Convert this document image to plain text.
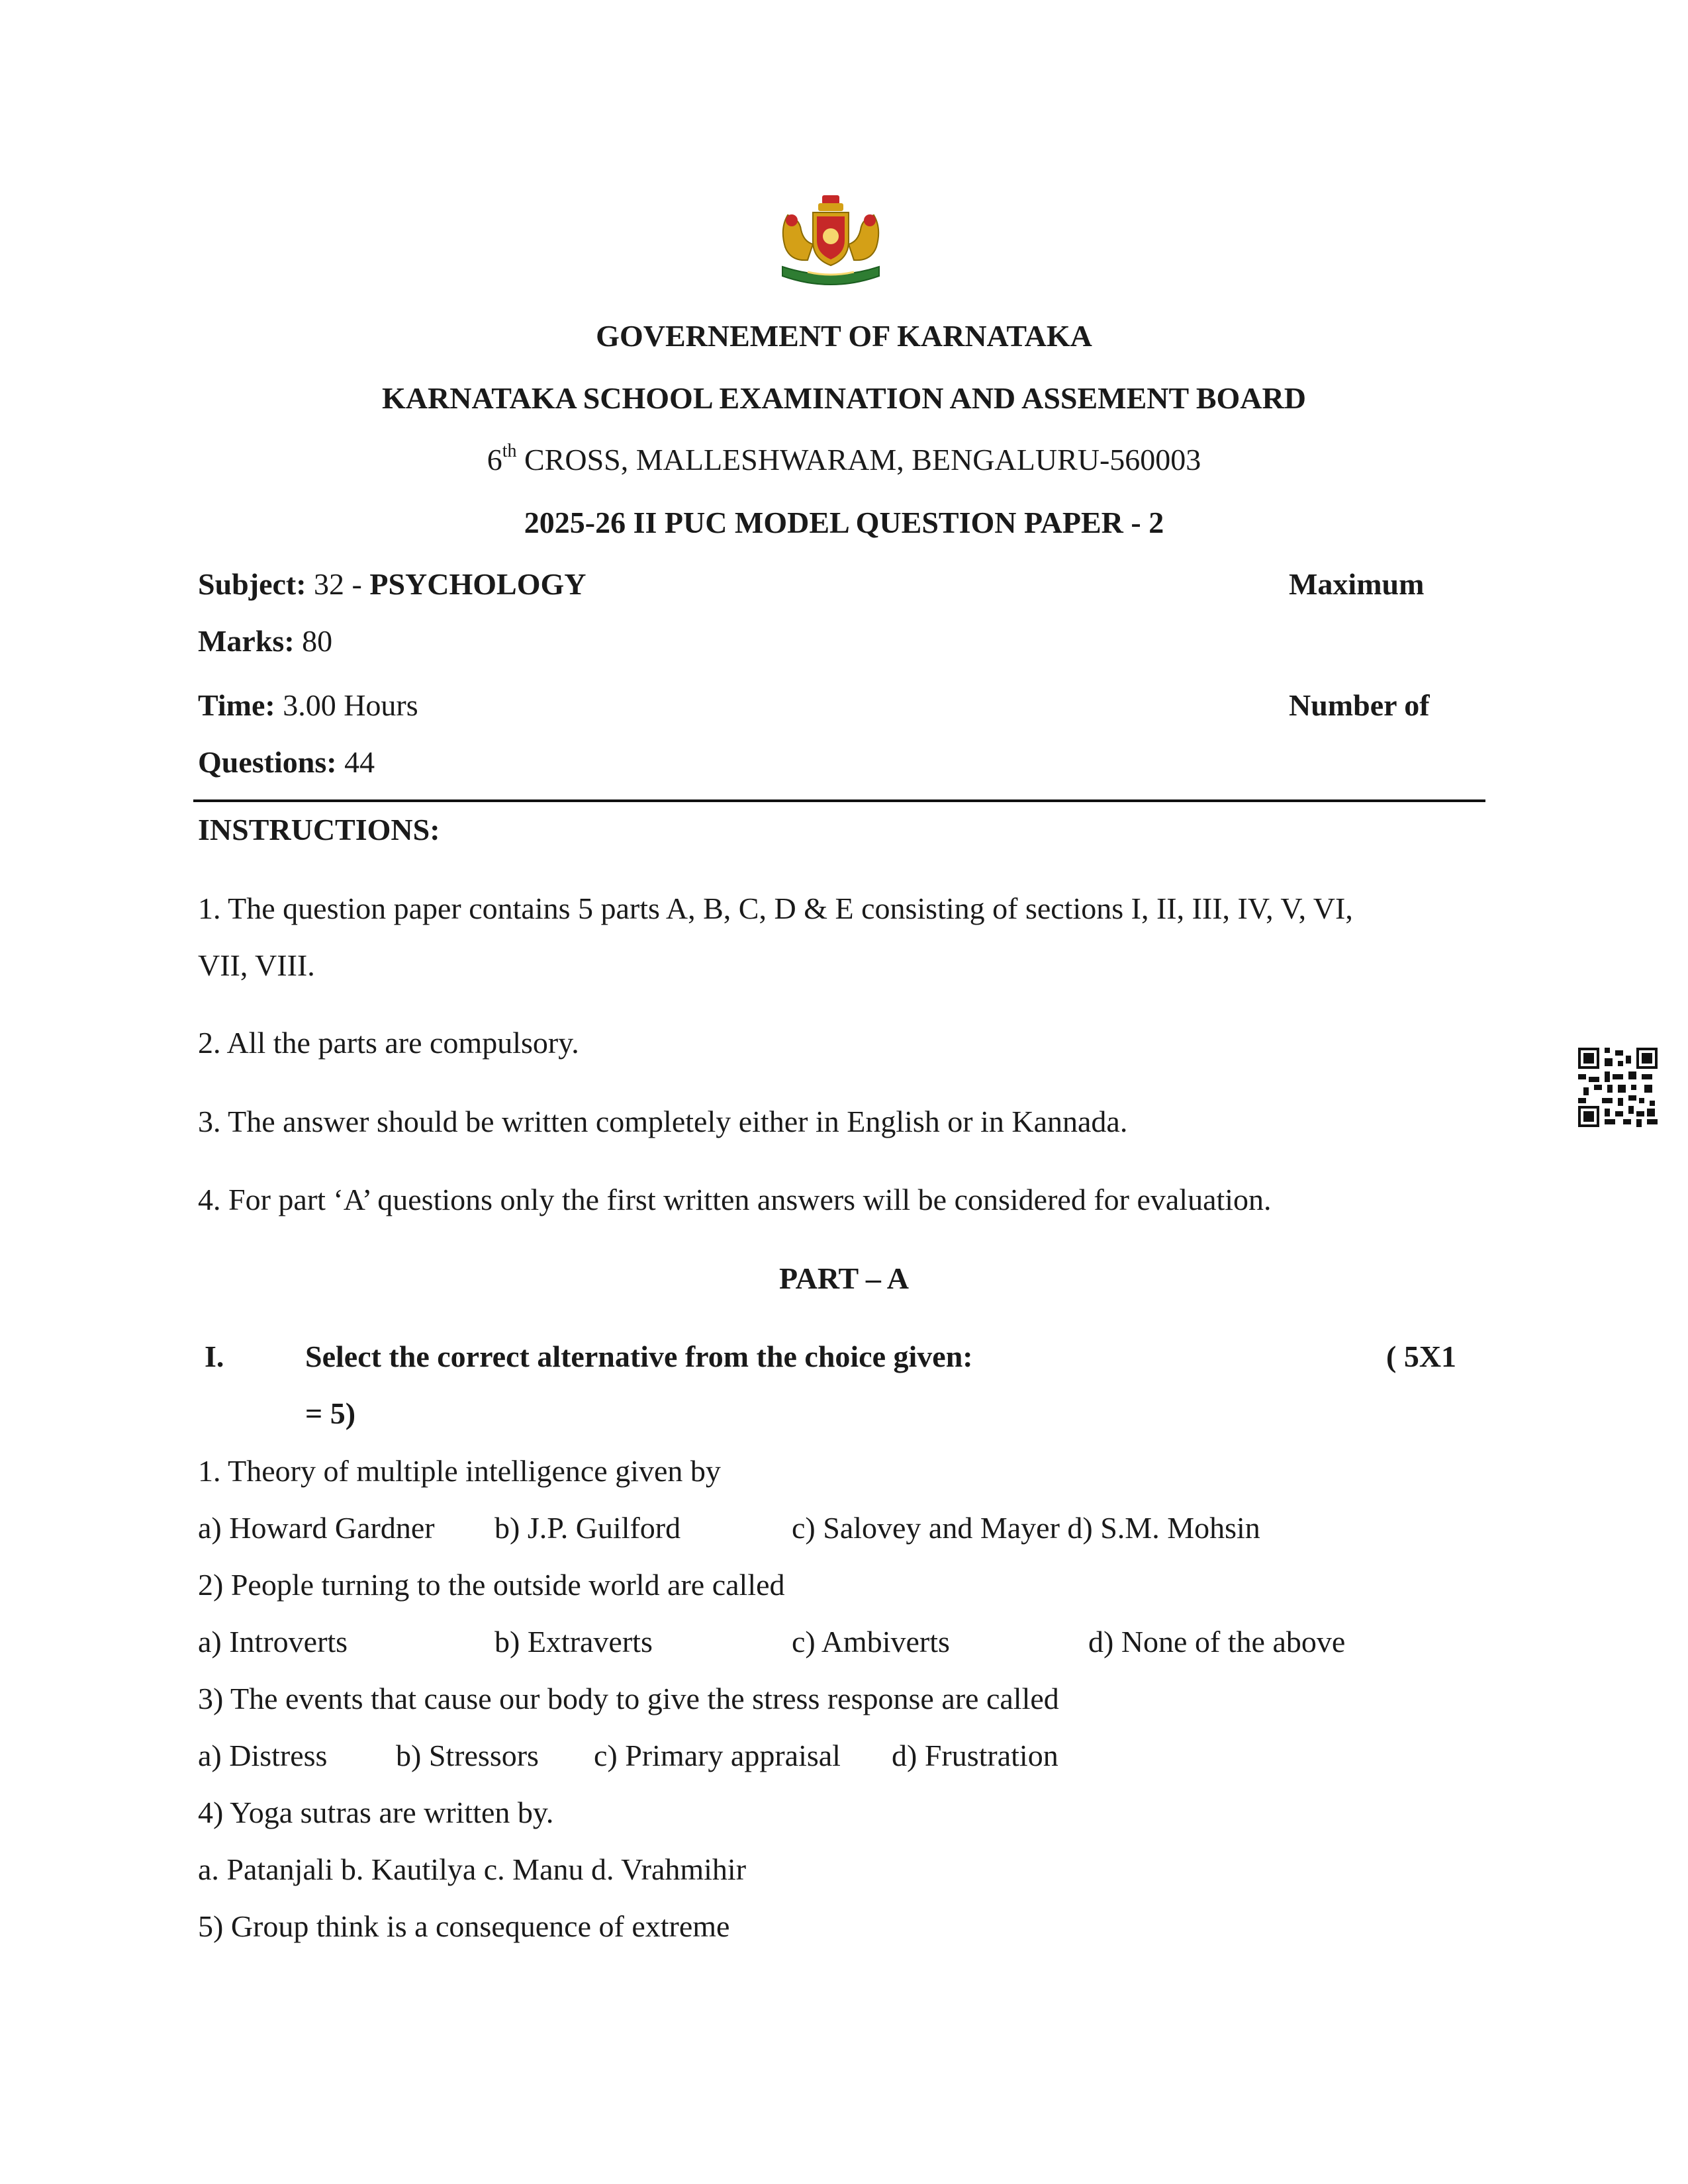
GOVERNEMENT OF KARNATAKA
KARNATAKA SCHOOL EXAMINATION AND ASSEMENT BOARD
6th CROSS, MALLESHWARAM, BENGALURU-560003
2025-26 II PUC MODEL QUESTION PAPER - 2
Subject: 32 - PSYCHOLOGY	Maximum
Marks: 80
Time: 3.00 Hours	Number of
Questions: 44
INSTRUCTIONS:
1. The question paper contains 5 parts A, B, C, D & E consisting of sections I, II, III, IV, V, VI,
VII, VIII.
2. All the parts are compulsory.
3. The answer should be written completely either in English or in Kannada.
4. For part ‘A’ questions only the first written answers will be considered for evaluation.
PART – A
I.	Select the correct alternative from the choice given:	( 5X1
= 5)
1. Theory of multiple intelligence given by
a) Howard Gardner b) J.P. Guilford	c) Salovey and Mayer d) S.M. Mohsin
2) People turning to the outside world are called
a) Introverts	b) Extraverts	c) Ambiverts	d) None of the above
3) The events that cause our body to give the stress response are called
a) Distress b) Stressors c) Primary appraisal d) Frustration
4) Yoga sutras are written by.
a. Patanjali b. Kautilya c. Manu d. Vrahmihir
5) Group think is a consequence of extreme
